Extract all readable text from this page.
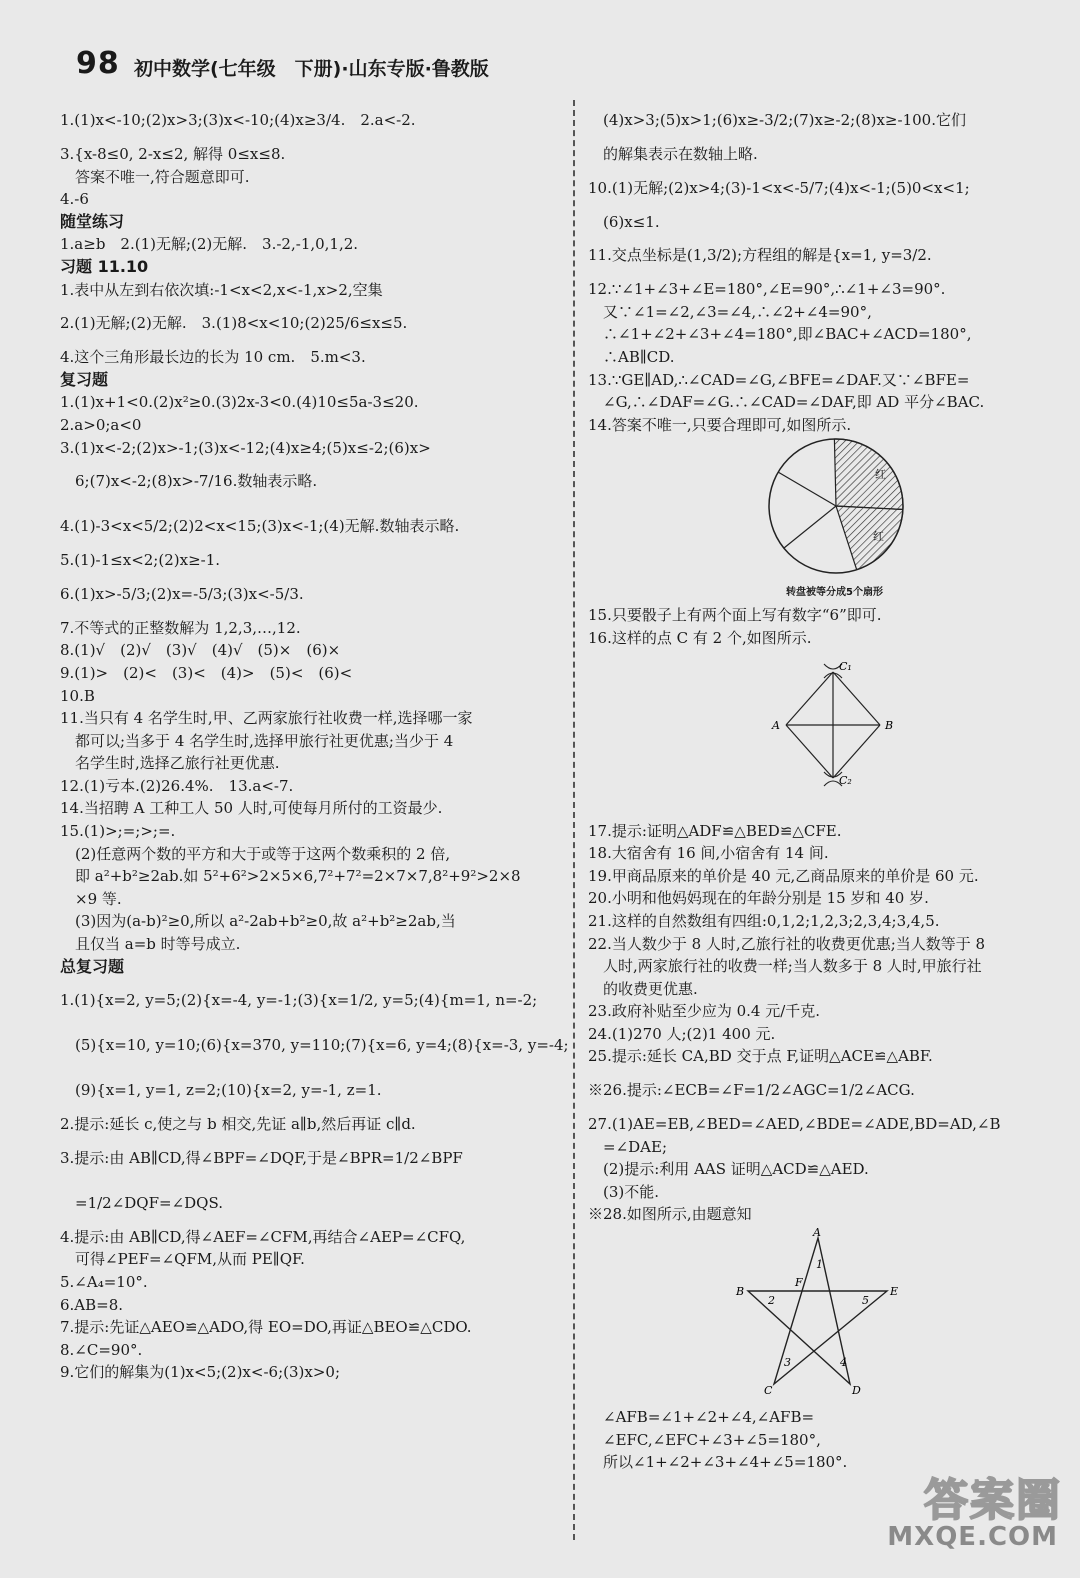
98 初中数学(七年级　下册)·山东专版·鲁教版
1.(1)x<-10;(2)x>3;(3)x<-10;(4)x≥3/4.　2.a<-2.
3.{x-8≤0, 2-x≤2, 解得 0≤x≤8.
　答案不唯一,符合题意即可.
4.-6
随堂练习
1.a≥b　2.(1)无解;(2)无解.　3.-2,-1,0,1,2.
习题 11.10
1.表中从左到右依次填:-1<x<2,x<-1,x>2,空集
2.(1)无解;(2)无解.　3.(1)8<x<10;(2)25/6≤x≤5.
4.这个三角形最长边的长为 10 cm.　5.m<3.
复习题
1.(1)x+1<0.(2)x²≥0.(3)2x-3<0.(4)10≤5a-3≤20.
2.a>0;a<0
3.(1)x<-2;(2)x>-1;(3)x<-12;(4)x≥4;(5)x≤-2;(6)x>
　6;(7)x<-2;(8)x>-7/16.数轴表示略.
4.(1)-3<x<5/2;(2)2<x<15;(3)x<-1;(4)无解.数轴表示略.
5.(1)-1≤x<2;(2)x≥-1.
6.(1)x>-5/3;(2)x=-5/3;(3)x<-5/3.
7.不等式的正整数解为 1,2,3,…,12.
8.(1)√　(2)√　(3)√　(4)√　(5)×　(6)×
9.(1)>　(2)<　(3)<　(4)>　(5)<　(6)<
10.B
11.当只有 4 名学生时,甲、乙两家旅行社收费一样,选择哪一家
　都可以;当多于 4 名学生时,选择甲旅行社更优惠;当少于 4
　名学生时,选择乙旅行社更优惠.
12.(1)亏本.(2)26.4%.　13.a<-7.
14.当招聘 A 工种工人 50 人时,可使每月所付的工资最少.
15.(1)>;=;>;=.
　(2)任意两个数的平方和大于或等于这两个数乘积的 2 倍,
　即 a²+b²≥2ab.如 5²+6²>2×5×6,7²+7²=2×7×7,8²+9²>2×8
　×9 等.
　(3)因为(a-b)²≥0,所以 a²-2ab+b²≥0,故 a²+b²≥2ab,当
　且仅当 a=b 时等号成立.
总复习题
1.(1){x=2, y=5;(2){x=-4, y=-1;(3){x=1/2, y=5;(4){m=1, n=-2;
　(5){x=10, y=10;(6){x=370, y=110;(7){x=6, y=4;(8){x=-3, y=-4;
　(9){x=1, y=1, z=2;(10){x=2, y=-1, z=1.
2.提示:延长 c,使之与 b 相交,先证 a∥b,然后再证 c∥d.
3.提示:由 AB∥CD,得∠BPF=∠DQF,于是∠BPR=1/2∠BPF
　=1/2∠DQF=∠DQS.
4.提示:由 AB∥CD,得∠AEF=∠CFM,再结合∠AEP=∠CFQ,
　可得∠PEF=∠QFM,从而 PE∥QF.
5.∠A₄=10°.
6.AB=8.
7.提示:先证△AEO≌△ADO,得 EO=DO,再证△BEO≌△CDO.
8.∠C=90°.
9.它们的解集为(1)x<5;(2)x<-6;(3)x>0;
　(4)x>3;(5)x>1;(6)x≥-3/2;(7)x≥-2;(8)x≥-100.它们
　的解集表示在数轴上略.
10.(1)无解;(2)x>4;(3)-1<x<-5/7;(4)x<-1;(5)0<x<1;
　(6)x≤1.
11.交点坐标是(1,3/2);方程组的解是{x=1, y=3/2.
12.∵∠1+∠3+∠E=180°,∠E=90°,∴∠1+∠3=90°.
　又∵∠1=∠2,∠3=∠4,∴∠2+∠4=90°,
　∴∠1+∠2+∠3+∠4=180°,即∠BAC+∠ACD=180°,
　∴AB∥CD.
13.∵GE∥AD,∴∠CAD=∠G,∠BFE=∠DAF.又∵∠BFE=
　∠G,∴∠DAF=∠G.∴∠CAD=∠DAF,即 AD 平分∠BAC.
14.答案不唯一,只要合理即可,如图所示.
红
红
转盘被等分成5个扇形
15.只要骰子上有两个面上写有数字“6”即可.
16.这样的点 C 有 2 个,如图所示.
A	B
C₁
C₂
17.提示:证明△ADF≌△BED≌△CFE.
18.大宿舍有 16 间,小宿舍有 14 间.
19.甲商品原来的单价是 40 元,乙商品原来的单价是 60 元.
20.小明和他妈妈现在的年龄分别是 15 岁和 40 岁.
21.这样的自然数组有四组:0,1,2;1,2,3;2,3,4;3,4,5.
22.当人数少于 8 人时,乙旅行社的收费更优惠;当人数等于 8
　人时,两家旅行社的收费一样;当人数多于 8 人时,甲旅行社
　的收费更优惠.
23.政府补贴至少应为 0.4 元/千克.
24.(1)270 人;(2)1 400 元.
25.提示:延长 CA,BD 交于点 F,证明△ACE≌△ABF.
※26.提示:∠ECB=∠F=1/2∠AGC=1/2∠ACG.
27.(1)AE=EB,∠BED=∠AED,∠BDE=∠ADE,BD=AD,∠B
　=∠DAE;
　(2)提示:利用 AAS 证明△ACD≌△AED.
　(3)不能.
※28.如图所示,由题意知
A
B	E
C	D
F
1
2
3	4
5
　∠AFB=∠1+∠2+∠4,∠AFB=
　∠EFC,∠EFC+∠3+∠5=180°,
　所以∠1+∠2+∠3+∠4+∠5=180°.
答案圈
MXQE.COM
